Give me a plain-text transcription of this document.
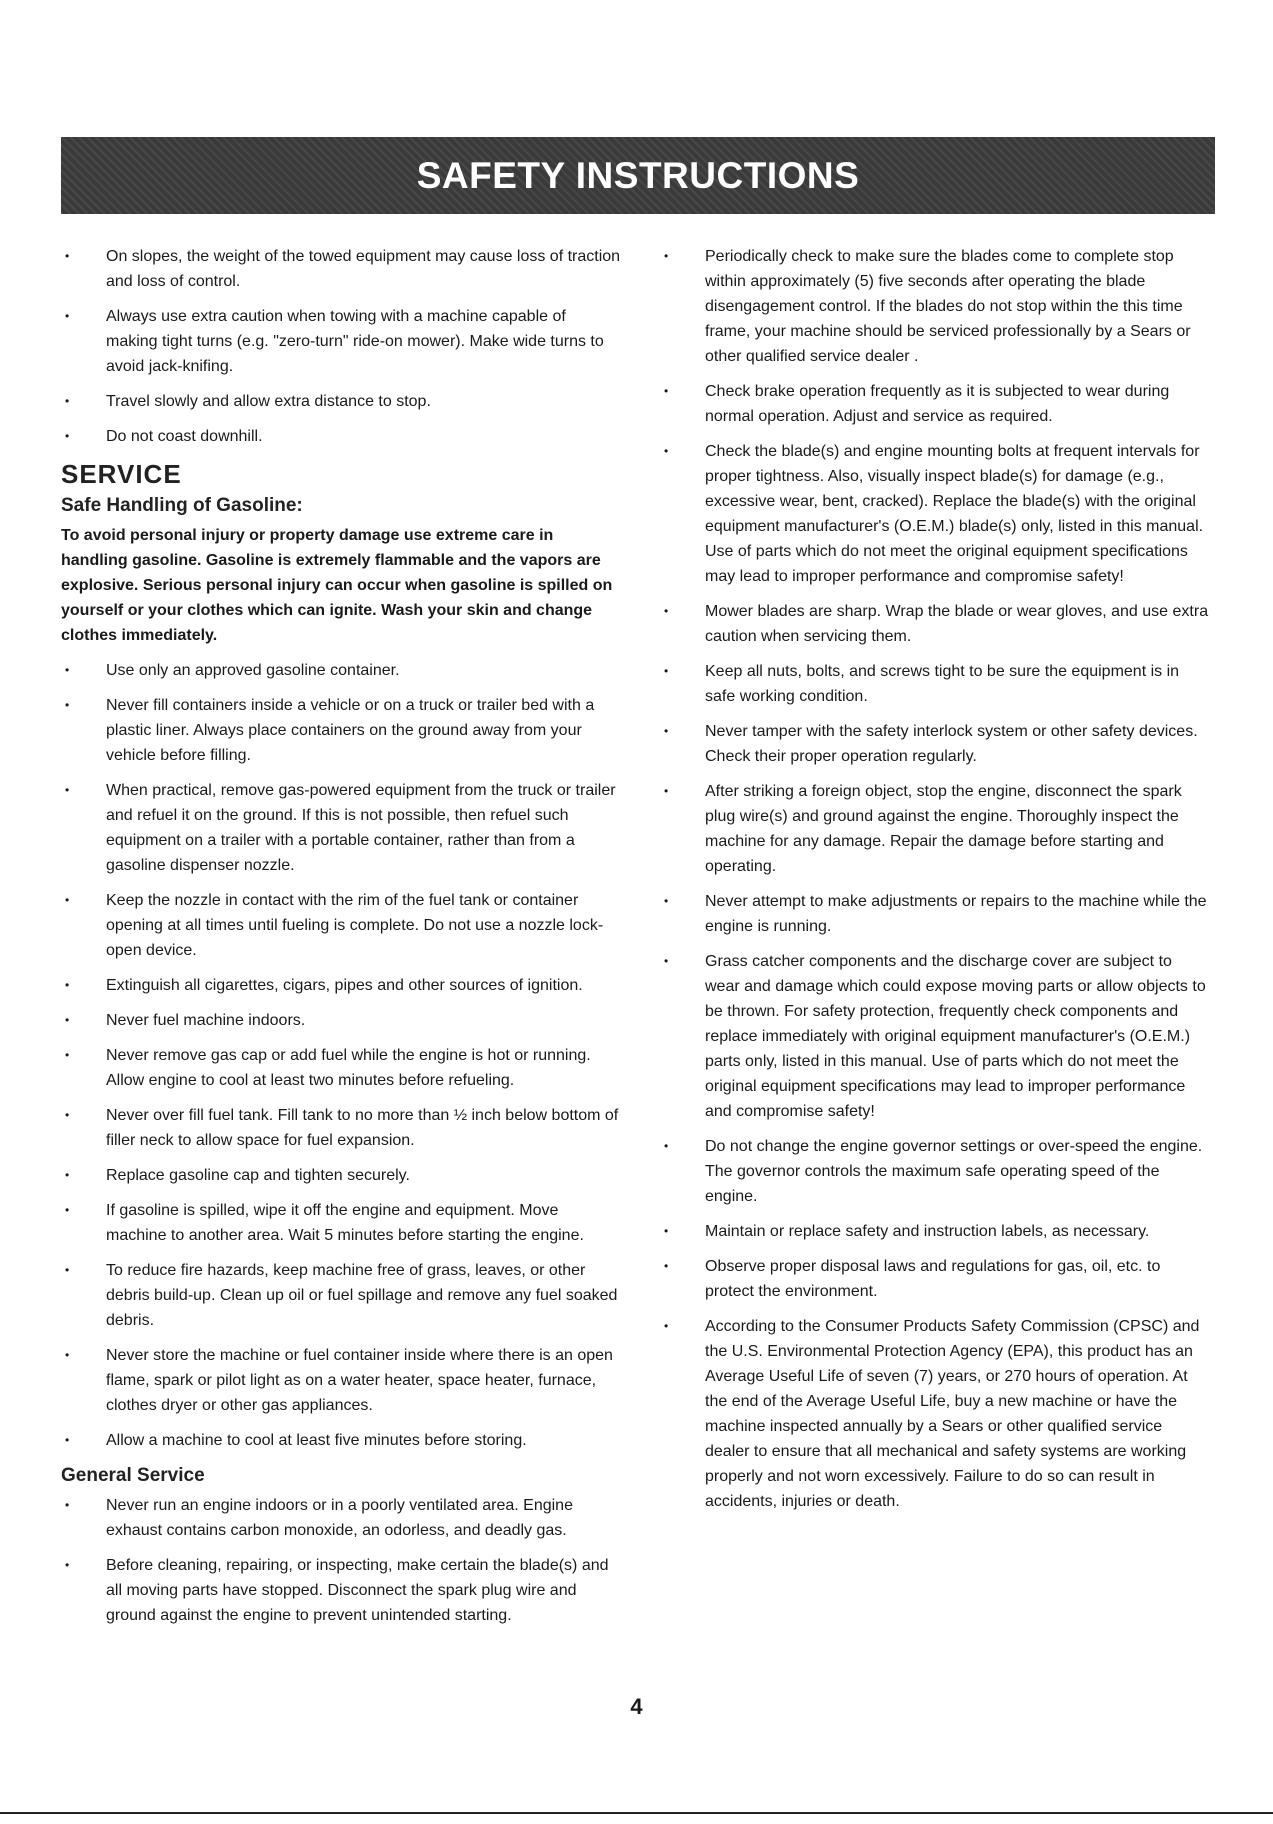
SAFETY INSTRUCTIONS
• On slopes, the weight of the towed equipment may cause loss of traction and loss of control.
• Always use extra caution when towing with a machine capable of making tight turns (e.g. "zero-turn" ride-on mower). Make wide turns to avoid jack-knifing.
• Travel slowly and allow extra distance to stop.
• Do not coast downhill.
SERVICE
Safe Handling of Gasoline:
To avoid personal injury or property damage use extreme care in handling gasoline. Gasoline is extremely flammable and the vapors are explosive. Serious personal injury can occur when gasoline is spilled on yourself or your clothes which can ignite. Wash your skin and change clothes immediately.
• Use only an approved gasoline container.
• Never fill containers inside a vehicle or on a truck or trailer bed with a plastic liner. Always place containers on the ground away from your vehicle before filling.
• When practical, remove gas-powered equipment from the truck or trailer and refuel it on the ground. If this is not possible, then refuel such equipment on a trailer with a portable container, rather than from a gasoline dispenser nozzle.
• Keep the nozzle in contact with the rim of the fuel tank or container opening at all times until fueling is complete. Do not use a nozzle lock-open device.
• Extinguish all cigarettes, cigars, pipes and other sources of ignition.
• Never fuel machine indoors.
• Never remove gas cap or add fuel while the engine is hot or running. Allow engine to cool at least two minutes before refueling.
• Never over fill fuel tank. Fill tank to no more than ½ inch below bottom of filler neck to allow space for fuel expansion.
• Replace gasoline cap and tighten securely.
• If gasoline is spilled, wipe it off the engine and equipment. Move machine to another area. Wait 5 minutes before starting the engine.
• To reduce fire hazards, keep machine free of grass, leaves, or other debris build-up. Clean up oil or fuel spillage and remove any fuel soaked debris.
• Never store the machine or fuel container inside where there is an open flame, spark or pilot light as on a water heater, space heater, furnace, clothes dryer or other gas appliances.
• Allow a machine to cool at least five minutes before storing.
General Service
• Never run an engine indoors or in a poorly ventilated area. Engine exhaust contains carbon monoxide, an odorless, and deadly gas.
• Before cleaning, repairing, or inspecting, make certain the blade(s) and all moving parts have stopped. Disconnect the spark plug wire and ground against the engine to prevent unintended starting.
• Periodically check to make sure the blades come to complete stop within approximately (5) five seconds after operating the blade disengagement control. If the blades do not stop within the this time frame, your machine should be serviced professionally by a Sears or other qualified service dealer .
• Check brake operation frequently as it is subjected to wear during normal operation. Adjust and service as required.
• Check the blade(s) and engine mounting bolts at frequent intervals for proper tightness. Also, visually inspect blade(s) for damage (e.g., excessive wear, bent, cracked). Replace the blade(s) with the original equipment manufacturer's (O.E.M.) blade(s) only, listed in this manual. Use of parts which do not meet the original equipment specifications may lead to improper performance and compromise safety!
• Mower blades are sharp. Wrap the blade or wear gloves, and use extra caution when servicing them.
• Keep all nuts, bolts, and screws tight to be sure the equipment is in safe working condition.
• Never tamper with the safety interlock system or other safety devices. Check their proper operation regularly.
• After striking a foreign object, stop the engine, disconnect the spark plug wire(s) and ground against the engine. Thoroughly inspect the machine for any damage. Repair the damage before starting and operating.
• Never attempt to make adjustments or repairs to the machine while the engine is running.
• Grass catcher components and the discharge cover are subject to wear and damage which could expose moving parts or allow objects to be thrown. For safety protection, frequently check components and replace immediately with original equipment manufacturer's (O.E.M.) parts only, listed in this manual. Use of parts which do not meet the original equipment specifications may lead to improper performance and compromise safety!
• Do not change the engine governor settings or over-speed the engine. The governor controls the maximum safe operating speed of the engine.
• Maintain or replace safety and instruction labels, as necessary.
• Observe proper disposal laws and regulations for gas, oil, etc. to protect the environment.
• According to the Consumer Products Safety Commission (CPSC) and the U.S. Environmental Protection Agency (EPA), this product has an Average Useful Life of seven (7) years, or 270 hours of operation. At the end of the Average Useful Life, buy a new machine or have the machine inspected annually by a Sears or other qualified service dealer to ensure that all mechanical and safety systems are working properly and not worn excessively. Failure to do so can result in accidents, injuries or death.
4
